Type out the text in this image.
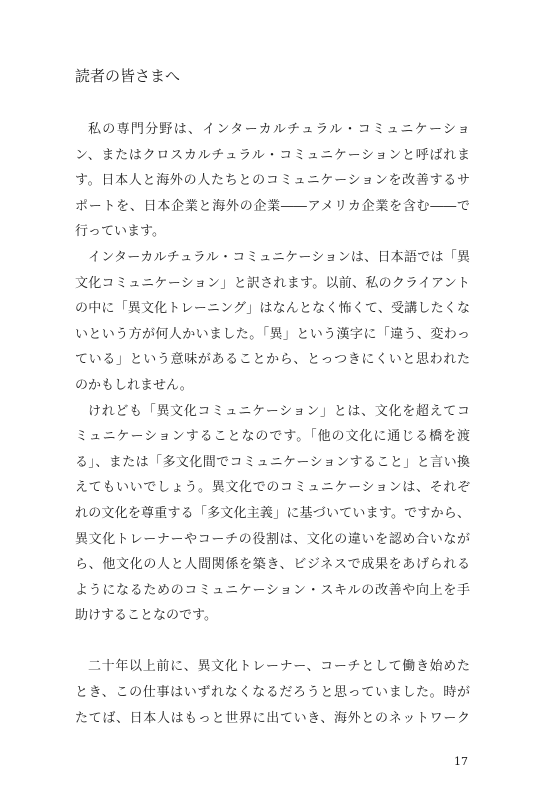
読者の皆さまへ
私の専門分野は、インターカルチュラル・コミュニケーショ
ン、またはクロスカルチュラル・コミュニケーションと呼ばれま
す。日本人と海外の人たちとのコミュニケーションを改善するサ
ポートを、日本企業と海外の企業――アメリカ企業を含む――で
行っています。
インターカルチュラル・コミュニケーションは、日本語では「異
文化コミュニケーション」と訳されます。以前、私のクライアント
の中に「異文化トレーニング」はなんとなく怖くて、受講したくな
いという方が何人かいました。「異」という漢字に「違う、変わっ
ている」という意味があることから、とっつきにくいと思われた
のかもしれません。
けれども「異文化コミュニケーション」とは、文化を超えてコ
ミュニケーションすることなのです。「他の文化に通じる橋を渡
る」、または「多文化間でコミュニケーションすること」と言い換
えてもいいでしょう。異文化でのコミュニケーションは、それぞ
れの文化を尊重する「多文化主義」に基づいています。ですから、
異文化トレーナーやコーチの役割は、文化の違いを認め合いなが
ら、他文化の人と人間関係を築き、ビジネスで成果をあげられる
ようになるためのコミュニケーション・スキルの改善や向上を手
助けすることなのです。
二十年以上前に、異文化トレーナー、コーチとして働き始めた
とき、この仕事はいずれなくなるだろうと思っていました。時が
たてば、日本人はもっと世界に出ていき、海外とのネットワーク
17
